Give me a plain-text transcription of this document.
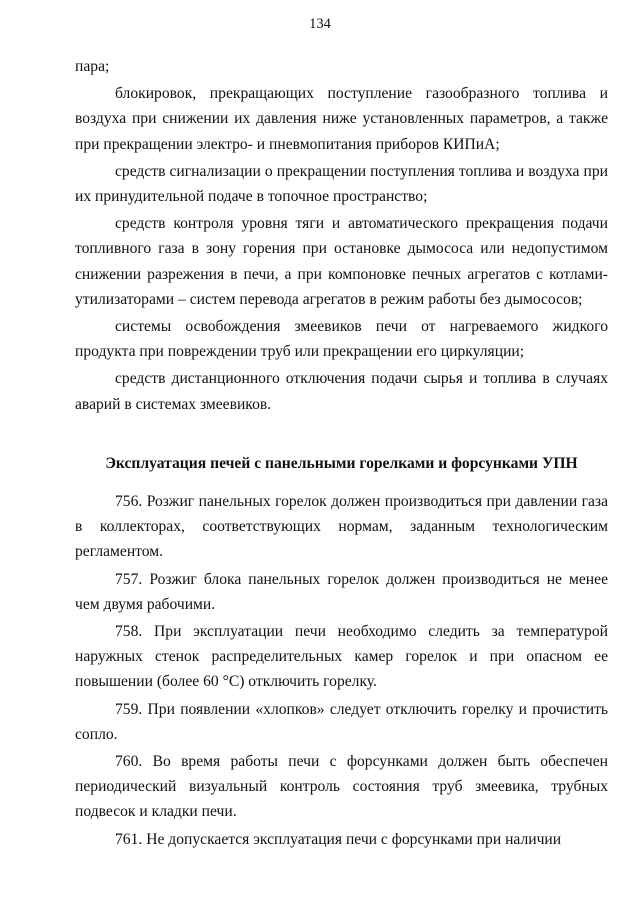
134

пара;

блокировок, прекращающих поступление газообразного топлива и воздуха при снижении их давления ниже установленных параметров, а также при прекращении электро- и пневмопитания приборов КИПиА;

средств сигнализации о прекращении поступления топлива и воздуха при их принудительной подаче в топочное пространство;

средств контроля уровня тяги и автоматического прекращения подачи топливного газа в зону горения при остановке дымососа или недопустимом снижении разрежения в печи, а при компоновке печных агрегатов с котлами-утилизаторами – систем перевода агрегатов в режим работы без дымососов;

системы освобождения змеевиков печи от нагреваемого жидкого продукта при повреждении труб или прекращении его циркуляции;

средств дистанционного отключения подачи сырья и топлива в случаях аварий в системах змеевиков.

Эксплуатация печей с панельными горелками и форсунками УПН

756. Розжиг панельных горелок должен производиться при давлении газа в коллекторах, соответствующих нормам, заданным технологическим регламентом.

757. Розжиг блока панельных горелок должен производиться не менее чем двумя рабочими.

758. При эксплуатации печи необходимо следить за температурой наружных стенок распределительных камер горелок и при опасном ее повышении (более 60 °C) отключить горелку.

759. При появлении «хлопков» следует отключить горелку и прочистить сопло.

760. Во время работы печи с форсунками должен быть обеспечен периодический визуальный контроль состояния труб змеевика, трубных подвесок и кладки печи.

761. Не допускается эксплуатация печи с форсунками при наличии
